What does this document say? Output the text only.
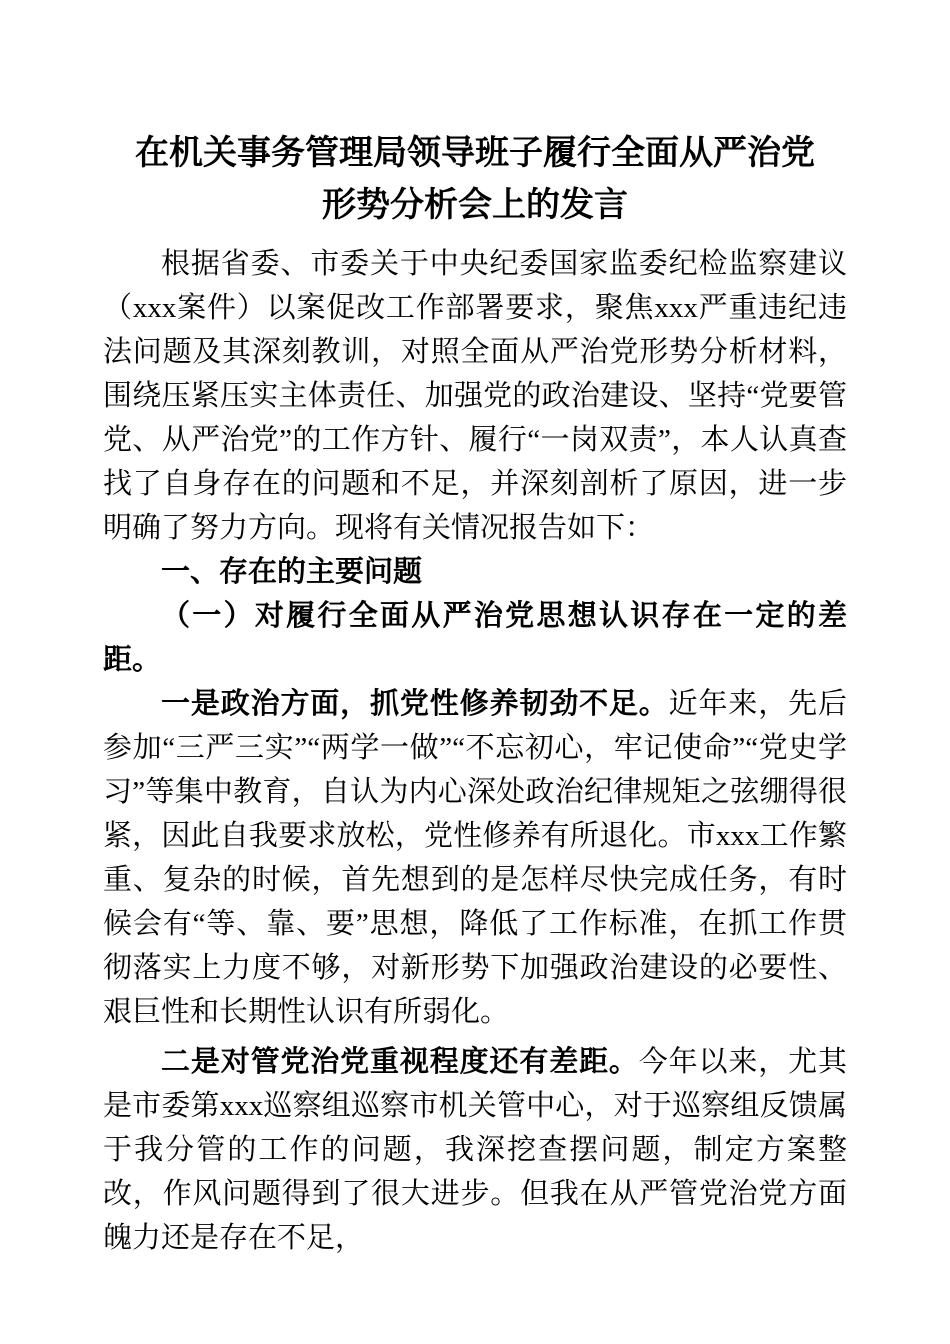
在机关事务管理局领导班子履行全面从严治党
形势分析会上的发言

根据省委、市委关于中央纪委国家监委纪检监察建议（xxx案件）以案促改工作部署要求，聚焦xxx严重违纪违法问题及其深刻教训，对照全面从严治党形势分析材料，围绕压紧压实主体责任、加强党的政治建设、坚持“党要管党、从严治党”的工作方针、履行“一岗双责”，本人认真查找了自身存在的问题和不足，并深刻剖析了原因，进一步明确了努力方向。现将有关情况报告如下：

一、存在的主要问题
（一）对履行全面从严治党思想认识存在一定的差距。

一是政治方面，抓党性修养韧劲不足。近年来，先后参加“三严三实”“两学一做”“不忘初心，牢记使命”“党史学习”等集中教育，自认为内心深处政治纪律规矩之弦绷得很紧，因此自我要求放松，党性修养有所退化。市xxx工作繁重、复杂的时候，首先想到的是怎样尽快完成任务，有时候会有“等、靠、要”思想，降低了工作标准，在抓工作贯彻落实上力度不够，对新形势下加强政治建设的必要性、艰巨性和长期性认识有所弱化。

二是对管党治党重视程度还有差距。今年以来，尤其是市委第xxx巡察组巡察市机关管中心，对于巡察组反馈属于我分管的工作的问题，我深挖查摆问题，制定方案整改，作风问题得到了很大进步。但我在从严管党治党方面魄力还是存在不足，
